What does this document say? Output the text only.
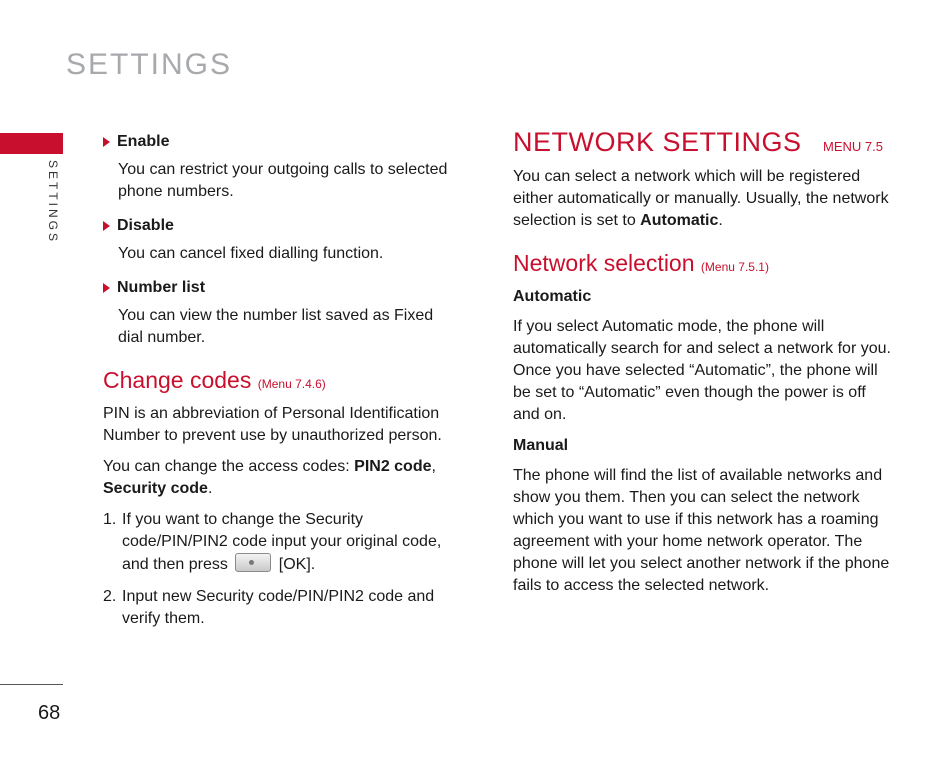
SETTINGS
SETTINGS
68
Enable
You can restrict your outgoing calls to selected phone numbers.
Disable
You can cancel fixed dialling function.
Number list
You can view the number list saved as Fixed dial number.
Change codes (Menu 7.4.6)

PIN is an abbreviation of Personal Identification Number to prevent use by unauthorized person.

You can change the access codes: PIN2 code, Security code.

1. If you want to change the Security code/PIN/PIN2 code input your original code, and then press	[OK].
2. Input new Security code/PIN/PIN2 code and verify them.
NETWORK SETTINGS MENU 7.5

You can select a network which will be registered either automatically or manually. Usually, the network selection is set to Automatic.

Network selection (Menu 7.5.1)
Automatic

If you select Automatic mode, the phone will automatically search for and select a network for you. Once you have selected “Automatic”, the phone will be set to “Automatic” even though the power is off and on.

Manual

The phone will find the list of available networks and show you them. Then you can select the network which you want to use if this network has a roaming agreement with your home network operator. The phone will let you select another network if the phone fails to access the selected network.
